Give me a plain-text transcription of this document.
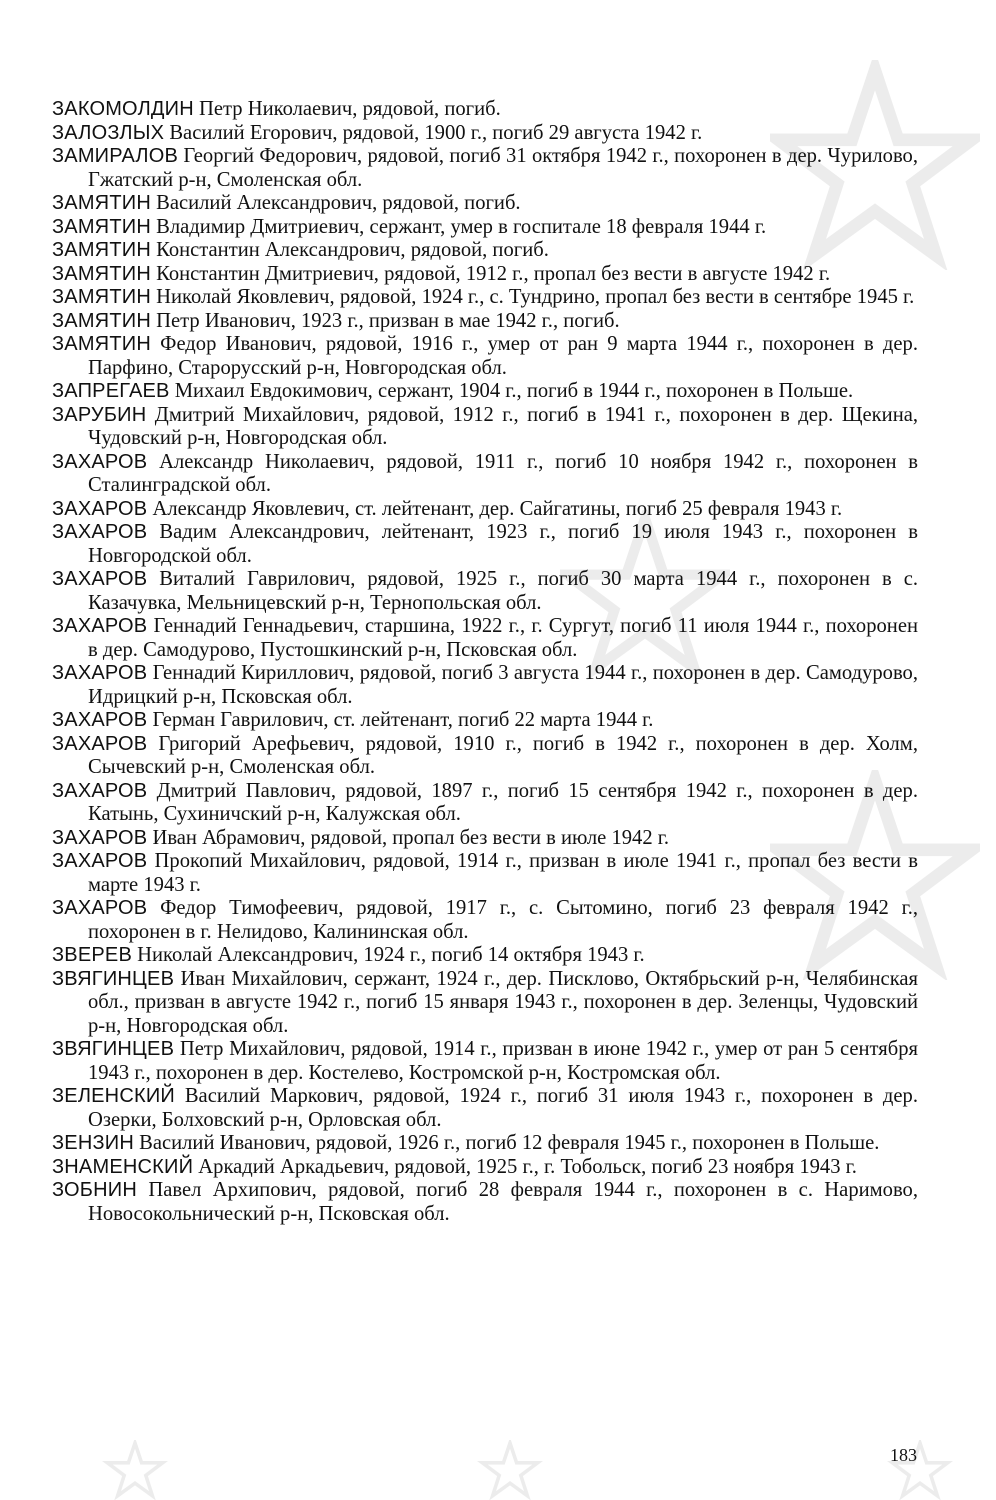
ЗАКОМОЛДИН Петр Николаевич, рядовой, погиб.
ЗАЛОЗЛЫХ Василий Егорович, рядовой, 1900 г., погиб 29 августа 1942 г.
ЗАМИРАЛОВ Георгий Федорович, рядовой, погиб 31 октября 1942 г., похоронен в дер. Чурилово, Гжатский р-н, Смоленская обл.
ЗАМЯТИН Василий Александрович, рядовой, погиб.
ЗАМЯТИН Владимир Дмитриевич, сержант, умер в госпитале 18 февраля 1944 г.
ЗАМЯТИН Константин Александрович, рядовой, погиб.
ЗАМЯТИН Константин Дмитриевич, рядовой, 1912 г., пропал без вести в августе 1942 г.
ЗАМЯТИН Николай Яковлевич, рядовой, 1924 г., с. Тундрино, пропал без вести в сентябре 1945 г.
ЗАМЯТИН Петр Иванович, 1923 г., призван в мае 1942 г., погиб.
ЗАМЯТИН Федор Иванович, рядовой, 1916 г., умер от ран 9 марта 1944 г., похоронен в дер. Парфино, Старорусский р-н, Новгородская обл.
ЗАПРЕГАЕВ Михаил Евдокимович, сержант, 1904 г., погиб в 1944 г., похоронен в Польше.
ЗАРУБИН Дмитрий Михайлович, рядовой, 1912 г., погиб в 1941 г., похоронен в дер. Щекина, Чудовский р-н, Новгородская обл.
ЗАХАРОВ Александр Николаевич, рядовой, 1911 г., погиб 10 ноября 1942 г., похоронен в Сталинградской обл.
ЗАХАРОВ Александр Яковлевич, ст. лейтенант, дер. Сайгатины, погиб 25 февраля 1943 г.
ЗАХАРОВ Вадим Александрович, лейтенант, 1923 г., погиб 19 июля 1943 г., похоронен в Новгородской обл.
ЗАХАРОВ Виталий Гаврилович, рядовой, 1925 г., погиб 30 марта 1944 г., похоронен в с. Казачувка, Мельницевский р-н, Тернопольская обл.
ЗАХАРОВ Геннадий Геннадьевич, старшина, 1922 г., г. Сургут, погиб 11 июля 1944 г., похоронен в дер. Самодурово, Пустошкинский р-н, Псковская обл.
ЗАХАРОВ Геннадий Кириллович, рядовой, погиб 3 августа 1944 г., похоронен в дер. Самодурово, Идрицкий р-н, Псковская обл.
ЗАХАРОВ Герман Гаврилович, ст. лейтенант, погиб 22 марта 1944 г.
ЗАХАРОВ Григорий Арефьевич, рядовой, 1910 г., погиб в 1942 г., похоронен в дер. Холм, Сычевский р-н, Смоленская обл.
ЗАХАРОВ Дмитрий Павлович, рядовой, 1897 г., погиб 15 сентября 1942 г., похоронен в дер. Катынь, Сухиничский р-н, Калужская обл.
ЗАХАРОВ Иван Абрамович, рядовой, пропал без вести в июле 1942 г.
ЗАХАРОВ Прокопий Михайлович, рядовой, 1914 г., призван в июле 1941 г., пропал без вести в марте 1943 г.
ЗАХАРОВ Федор Тимофеевич, рядовой, 1917 г., с. Сытомино, погиб 23 февраля 1942 г., похоронен в г. Нелидово, Калининская обл.
ЗВЕРЕВ Николай Александрович, 1924 г., погиб 14 октября 1943 г.
ЗВЯГИНЦЕВ Иван Михайлович, сержант, 1924 г., дер. Писклово, Октябрьский р-н, Челябинская обл., призван в августе 1942 г., погиб 15 января 1943 г., похоронен в дер. Зеленцы, Чудовский р-н, Новгородская обл.
ЗВЯГИНЦЕВ Петр Михайлович, рядовой, 1914 г., призван в июне 1942 г., умер от ран 5 сентября 1943 г., похоронен в дер. Костелево, Костромской р-н, Костромская обл.
ЗЕЛЕНСКИЙ Василий Маркович, рядовой, 1924 г., погиб 31 июля 1943 г., похоронен в дер. Озерки, Болховский р-н, Орловская обл.
ЗЕНЗИН Василий Иванович, рядовой, 1926 г., погиб 12 февраля 1945 г., похоронен в Польше.
ЗНАМЕНСКИЙ Аркадий Аркадьевич, рядовой, 1925 г., г. Тобольск, погиб 23 ноября 1943 г.
ЗОБНИН Павел Архипович, рядовой, погиб 28 февраля 1944 г., похоронен в с. Наримово, Новосокольнический р-н, Псковская обл.
183
